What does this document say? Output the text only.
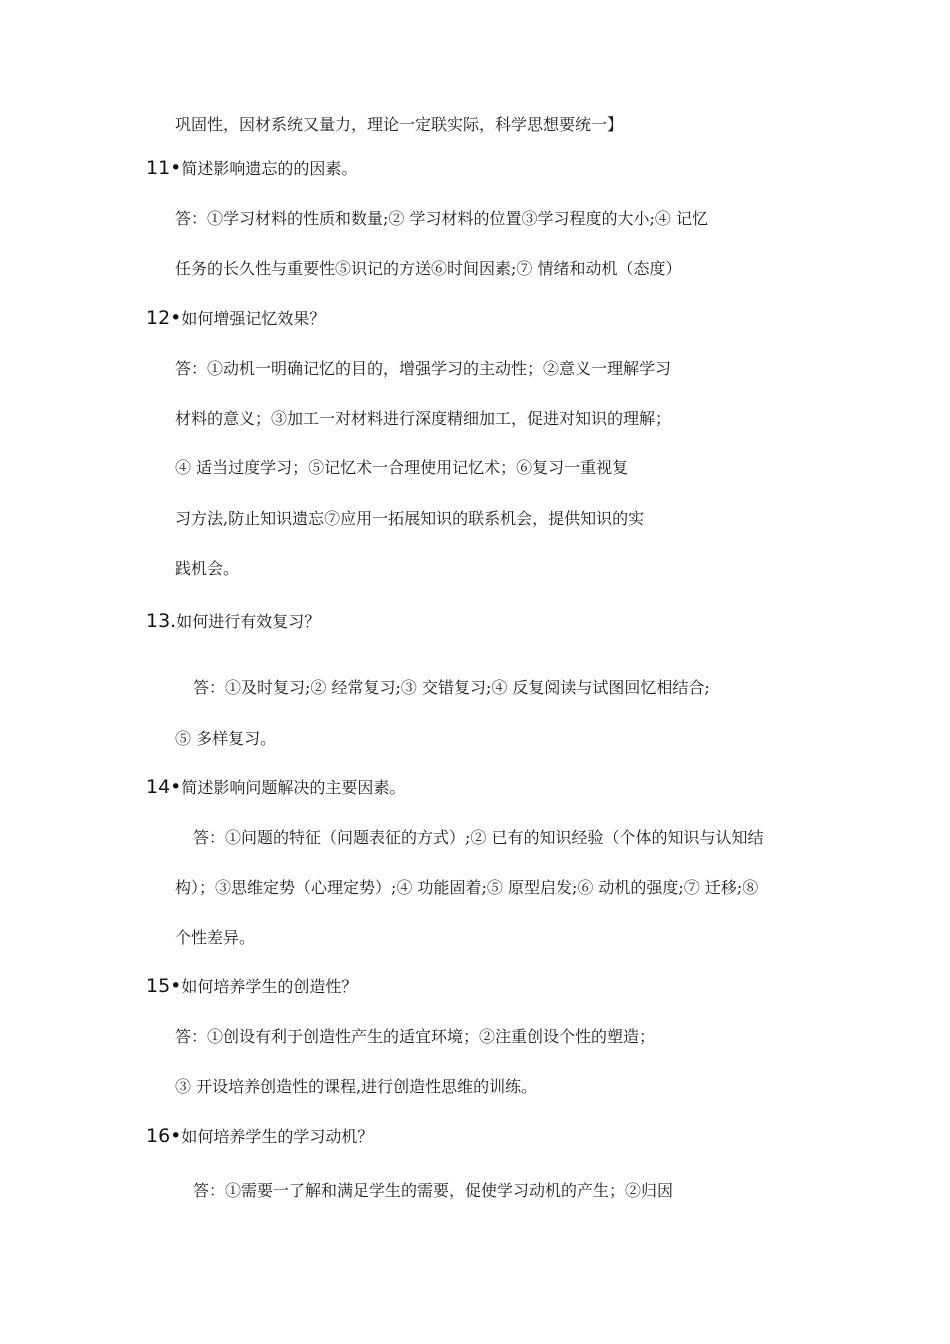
巩固性，因材系统又量力，理论一定联实际，科学思想要统一】
11•简述影响遗忘的的因素。
答：①学习材料的性质和数量;② 学习材料的位置③学习程度的大小;④ 记忆
任务的长久性与重要性⑤识记的方送⑥时间因素;⑦ 情绪和动机（态度）
12•如何增强记忆效果？
答：①动机一明确记忆的目的，增强学习的主动性；②意义一理解学习
材料的意义；③加工一对材料进行深度精细加工，促进对知识的理解；
④ 适当过度学习；⑤记忆术一合理使用记忆术；⑥复习一重视复
习方法,防止知识遗忘⑦应用一拓展知识的联系机会，提供知识的实
践机会。
13.如何进行有效复习？
答：①及时复习;② 经常复习;③ 交错复习;④ 反复阅读与试图回忆相结合;
⑤ 多样复习。
14•简述影响问题解决的主要因素。
答：①问题的特征（问题表征的方式）;② 已有的知识经验（个体的知识与认知结
构）；③思维定势（心理定势）;④ 功能固着;⑤ 原型启发;⑥ 动机的强度;⑦ 迁移;⑧
个性差异。
15•如何培养学生的创造性？
答：①创设有利于创造性产生的适宜环境；②注重创设个性的塑造；
③ 开设培养创造性的课程,进行创造性思维的训练。
16•如何培养学生的学习动机？
答：①需要一了解和满足学生的需要，促使学习动机的产生；②归因
